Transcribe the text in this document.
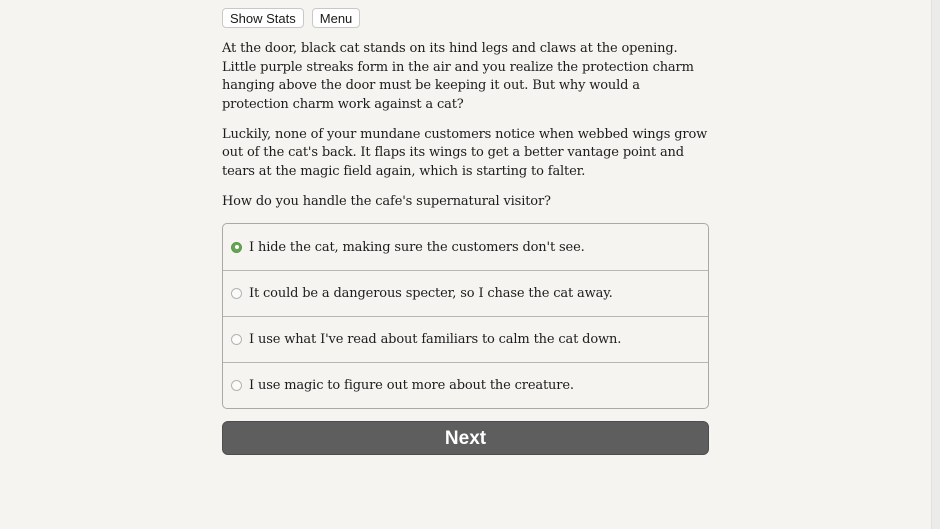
Show Stats	Menu

At the door, black cat stands on its hind legs and claws at the opening. Little purple streaks form in the air and you realize the protection charm hanging above the door must be keeping it out. But why would a protection charm work against a cat?

Luckily, none of your mundane customers notice when webbed wings grow out of the cat's back. It flaps its wings to get a better vantage point and tears at the magic field again, which is starting to falter.

How do you handle the cafe's supernatural visitor?

I hide the cat, making sure the customers don't see.
It could be a dangerous specter, so I chase the cat away.
I use what I've read about familiars to calm the cat down.
I use magic to figure out more about the creature.
Next
